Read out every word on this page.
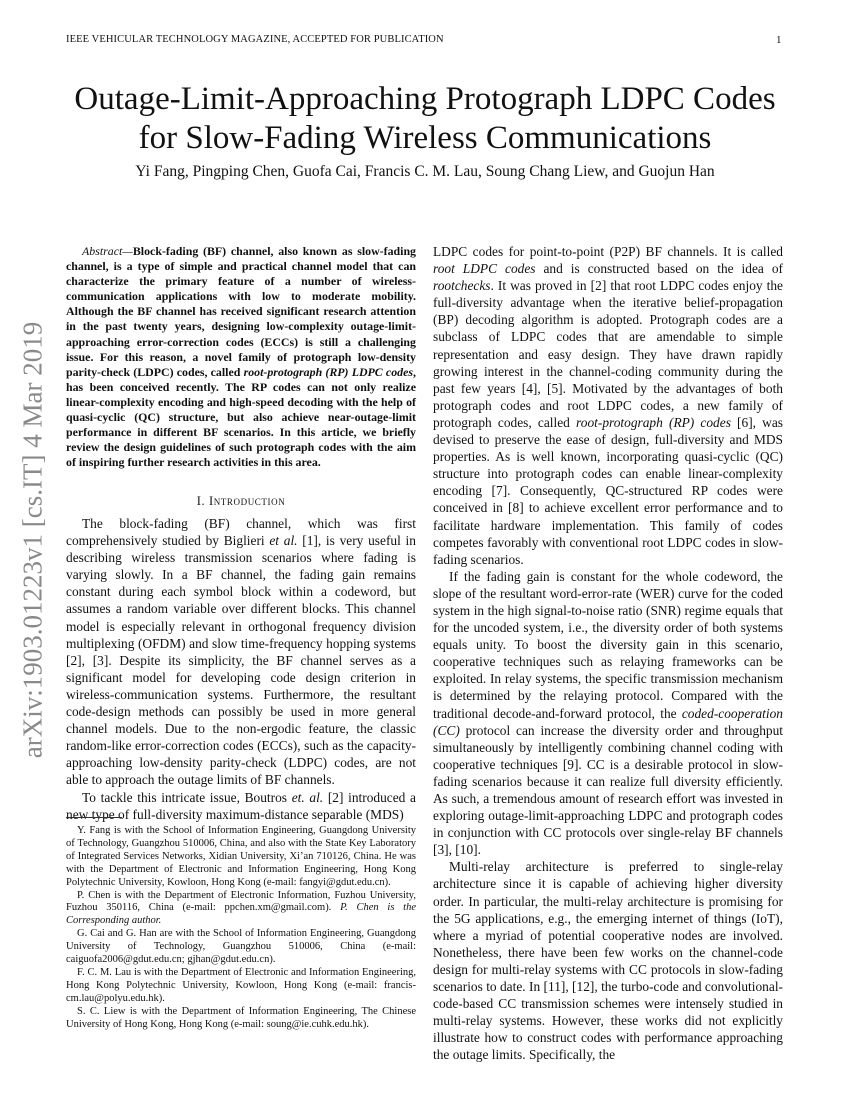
IEEE VEHICULAR TECHNOLOGY MAGAZINE, ACCEPTED FOR PUBLICATION	1
Outage-Limit-Approaching Protograph LDPC Codes
for Slow-Fading Wireless Communications
Yi Fang, Pingping Chen, Guofa Cai, Francis C. M. Lau, Soung Chang Liew, and Guojun Han
arXiv:1903.01223v1 [cs.IT] 4 Mar 2019

Abstract—Block-fading (BF) channel, also known as slow-fading channel, is a type of simple and practical channel model that can characterize the primary feature of a number of wireless-communication applications with low to moderate mobility. Although the BF channel has received significant research attention in the past twenty years, designing low-complexity outage-limit-approaching error-correction codes (ECCs) is still a challenging issue. For this reason, a novel family of protograph low-density parity-check (LDPC) codes, called root-protograph (RP) LDPC codes, has been conceived recently. The RP codes can not only realize linear-complexity encoding and high-speed decoding with the help of quasi-cyclic (QC) structure, but also achieve near-outage-limit performance in different BF scenarios. In this article, we briefly review the design guidelines of such protograph codes with the aim of inspiring further research activities in this area.

I. Introduction

The block-fading (BF) channel, which was first comprehensively studied by Biglieri et al. [1], is very useful in describing wireless transmission scenarios where fading is varying slowly. In a BF channel, the fading gain remains constant during each symbol block within a codeword, but assumes a random variable over different blocks. This channel model is especially relevant in orthogonal frequency division multiplexing (OFDM) and slow time-frequency hopping systems [2], [3]. Despite its simplicity, the BF channel serves as a significant model for developing code design criterion in wireless-communication systems. Furthermore, the resultant code-design methods can possibly be used in more general channel models. Due to the non-ergodic feature, the classic random-like error-correction codes (ECCs), such as the capacity-approaching low-density parity-check (LDPC) codes, are not able to approach the outage limits of BF channels.

To tackle this intricate issue, Boutros et. al. [2] introduced a new type of full-diversity maximum-distance separable (MDS)

Y. Fang is with the School of Information Engineering, Guangdong University of Technology, Guangzhou 510006, China, and also with the State Key Laboratory of Integrated Services Networks, Xidian University, Xi’an 710126, China. He was with the Department of Electronic and Information Engineering, Hong Kong Polytechnic University, Kowloon, Hong Kong (e-mail: fangyi@gdut.edu.cn).

P. Chen is with the Department of Electronic Information, Fuzhou University, Fuzhou 350116, China (e-mail: ppchen.xm@gmail.com). P. Chen is the Corresponding author.

G. Cai and G. Han are with the School of Information Engineering, Guangdong University of Technology, Guangzhou 510006, China (e-mail: caiguofa2006@gdut.edu.cn; gjhan@gdut.edu.cn).

F. C. M. Lau is with the Department of Electronic and Information Engineering, Hong Kong Polytechnic University, Kowloon, Hong Kong (e-mail: francis-cm.lau@polyu.edu.hk).

S. C. Liew is with the Department of Information Engineering, The Chinese University of Hong Kong, Hong Kong (e-mail: soung@ie.cuhk.edu.hk).

LDPC codes for point-to-point (P2P) BF channels. It is called root LDPC codes and is constructed based on the idea of rootchecks. It was proved in [2] that root LDPC codes enjoy the full-diversity advantage when the iterative belief-propagation (BP) decoding algorithm is adopted. Protograph codes are a subclass of LDPC codes that are amendable to simple representation and easy design. They have drawn rapidly growing interest in the channel-coding community during the past few years [4], [5]. Motivated by the advantages of both protograph codes and root LDPC codes, a new family of protograph codes, called root-protograph (RP) codes [6], was devised to preserve the ease of design, full-diversity and MDS properties. As is well known, incorporating quasi-cyclic (QC) structure into protograph codes can enable linear-complexity encoding [7]. Consequently, QC-structured RP codes were conceived in [8] to achieve excellent error performance and to facilitate hardware implementation. This family of codes competes favorably with conventional root LDPC codes in slow-fading scenarios.

If the fading gain is constant for the whole codeword, the slope of the resultant word-error-rate (WER) curve for the coded system in the high signal-to-noise ratio (SNR) regime equals that for the uncoded system, i.e., the diversity order of both systems equals unity. To boost the diversity gain in this scenario, cooperative techniques such as relaying frameworks can be exploited. In relay systems, the specific transmission mechanism is determined by the relaying protocol. Compared with the traditional decode-and-forward protocol, the coded-cooperation (CC) protocol can increase the diversity order and throughput simultaneously by intelligently combining channel coding with cooperative techniques [9]. CC is a desirable protocol in slow-fading scenarios because it can realize full diversity efficiently. As such, a tremendous amount of research effort was invested in exploring outage-limit-approaching LDPC and protograph codes in conjunction with CC protocols over single-relay BF channels [3], [10].

Multi-relay architecture is preferred to single-relay architecture since it is capable of achieving higher diversity order. In particular, the multi-relay architecture is promising for the 5G applications, e.g., the emerging internet of things (IoT), where a myriad of potential cooperative nodes are involved. Nonetheless, there have been few works on the channel-code design for multi-relay systems with CC protocols in slow-fading scenarios to date. In [11], [12], the turbo-code and convolutional-code-based CC transmission schemes were intensely studied in multi-relay systems. However, these works did not explicitly illustrate how to construct codes with performance approaching the outage limits. Specifically, the
